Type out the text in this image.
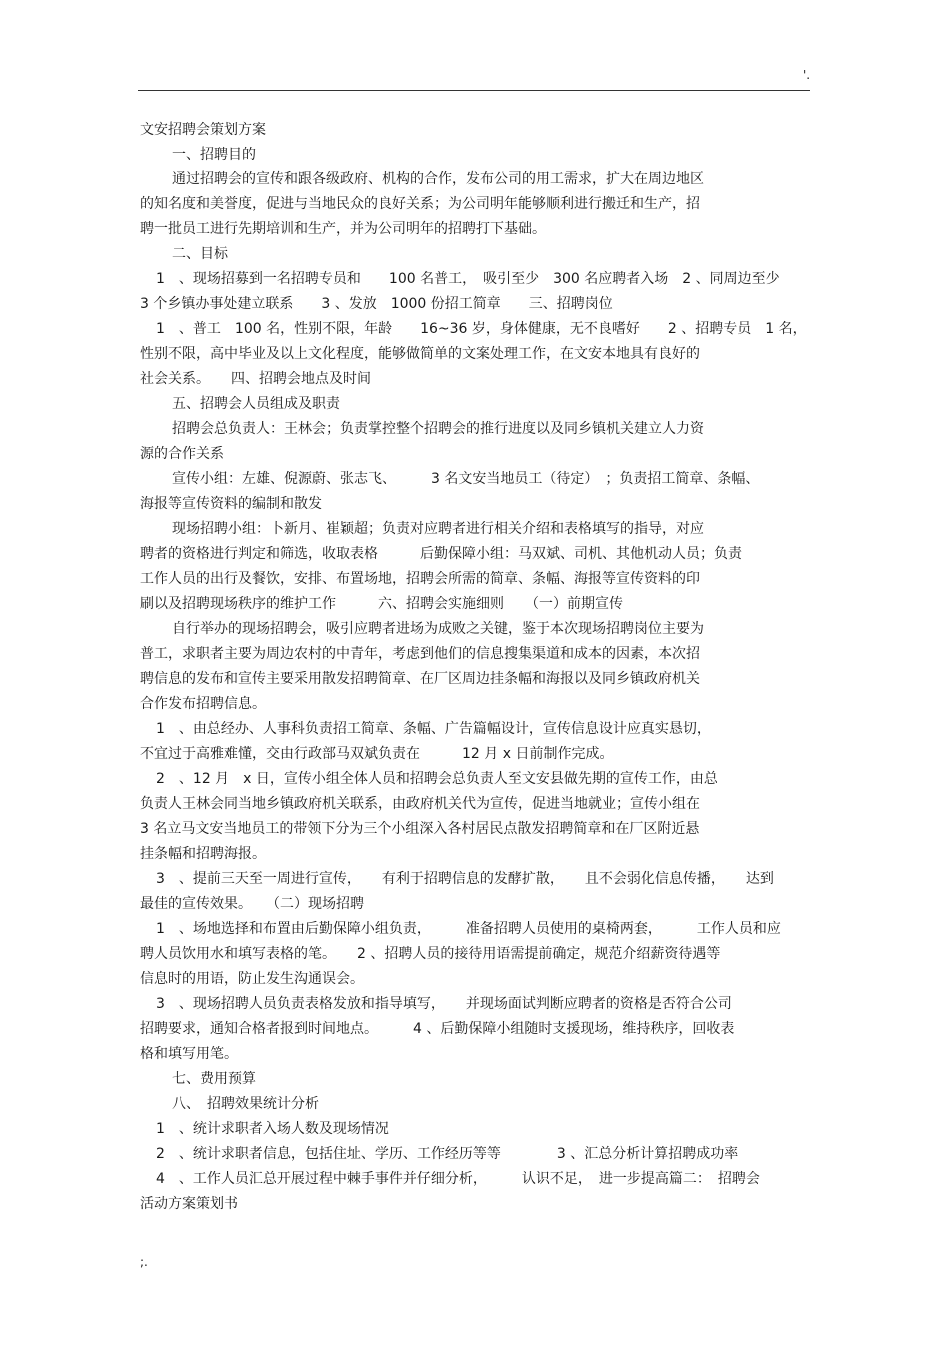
'.
文安招聘会策划方案
一、招聘目的
通过招聘会的宣传和跟各级政府、机构的合作，发布公司的用工需求，扩大在周边地区
的知名度和美誉度，促进与当地民众的良好关系；为公司明年能够顺利进行搬迁和生产，招
聘一批员工进行先期培训和生产，并为公司明年的招聘打下基础。
二、目标
1　、现场招募到一名招聘专员和　　100 名普工，　吸引至少　300 名应聘者入场　2 、同周边至少
3 个乡镇办事处建立联系　　3 、发放　1000 份招工简章　　三、招聘岗位
1　、普工　100 名，性别不限，年龄　　16~36 岁，身体健康，无不良嗜好　　2 、招聘专员　1 名，
性别不限，高中毕业及以上文化程度，能够做简单的文案处理工作，在文安本地具有良好的
社会关系。　　四、招聘会地点及时间
五、招聘会人员组成及职责
招聘会总负责人：王林会；负责掌控整个招聘会的推行进度以及同乡镇机关建立人力资
源的合作关系
宣传小组：左雄、倪源蔚、张志飞、　　　3 名文安当地员工（待定）　；负责招工简章、条幅、
海报等宣传资料的编制和散发
现场招聘小组：卜新月、崔颖超；负责对应聘者进行相关介绍和表格填写的指导，对应
聘者的资格进行判定和筛选，收取表格　　　后勤保障小组：马双斌、司机、其他机动人员；负责
工作人员的出行及餐饮，安排、布置场地，招聘会所需的简章、条幅、海报等宣传资料的印
刷以及招聘现场秩序的维护工作　　　六、招聘会实施细则　　（一）前期宣传
自行举办的现场招聘会，吸引应聘者进场为成败之关键，鉴于本次现场招聘岗位主要为
普工，求职者主要为周边农村的中青年，考虑到他们的信息搜集渠道和成本的因素，本次招
聘信息的发布和宣传主要采用散发招聘简章、在厂区周边挂条幅和海报以及同乡镇政府机关
合作发布招聘信息。
1　、由总经办、人事科负责招工简章、条幅、广告篇幅设计，宣传信息设计应真实恳切，
不宜过于高雅难懂，交由行政部马双斌负责在　　　12 月 x 日前制作完成。
2　、12 月　x 日，宣传小组全体人员和招聘会总负责人至文安县做先期的宣传工作，由总
负责人王林会同当地乡镇政府机关联系，由政府机关代为宣传，促进当地就业；宣传小组在
3 名立马文安当地员工的带领下分为三个小组深入各村居民点散发招聘简章和在厂区附近悬
挂条幅和招聘海报。
3　、提前三天至一周进行宣传，　　有利于招聘信息的发酵扩散，　　且不会弱化信息传播，　　达到
最佳的宣传效果。　　（二）现场招聘
1　、场地选择和布置由后勤保障小组负责，　　　准备招聘人员使用的桌椅两套，　　　工作人员和应
聘人员饮用水和填写表格的笔。　　2 、招聘人员的接待用语需提前确定，规范介绍薪资待遇等
信息时的用语，防止发生沟通误会。
3　、现场招聘人员负责表格发放和指导填写，　　并现场面试判断应聘者的资格是否符合公司
招聘要求，通知合格者报到时间地点。　　　4 、后勤保障小组随时支援现场，维持秩序，回收表
格和填写用笔。
七、费用预算
八、　招聘效果统计分析
1　、统计求职者入场人数及现场情况
2　、统计求职者信息，包括住址、学历、工作经历等等　　　　3 、汇总分析计算招聘成功率
4　、工作人员汇总开展过程中棘手事件并仔细分析，　　　认识不足，　进一步提高篇二：　招聘会
活动方案策划书
;.
